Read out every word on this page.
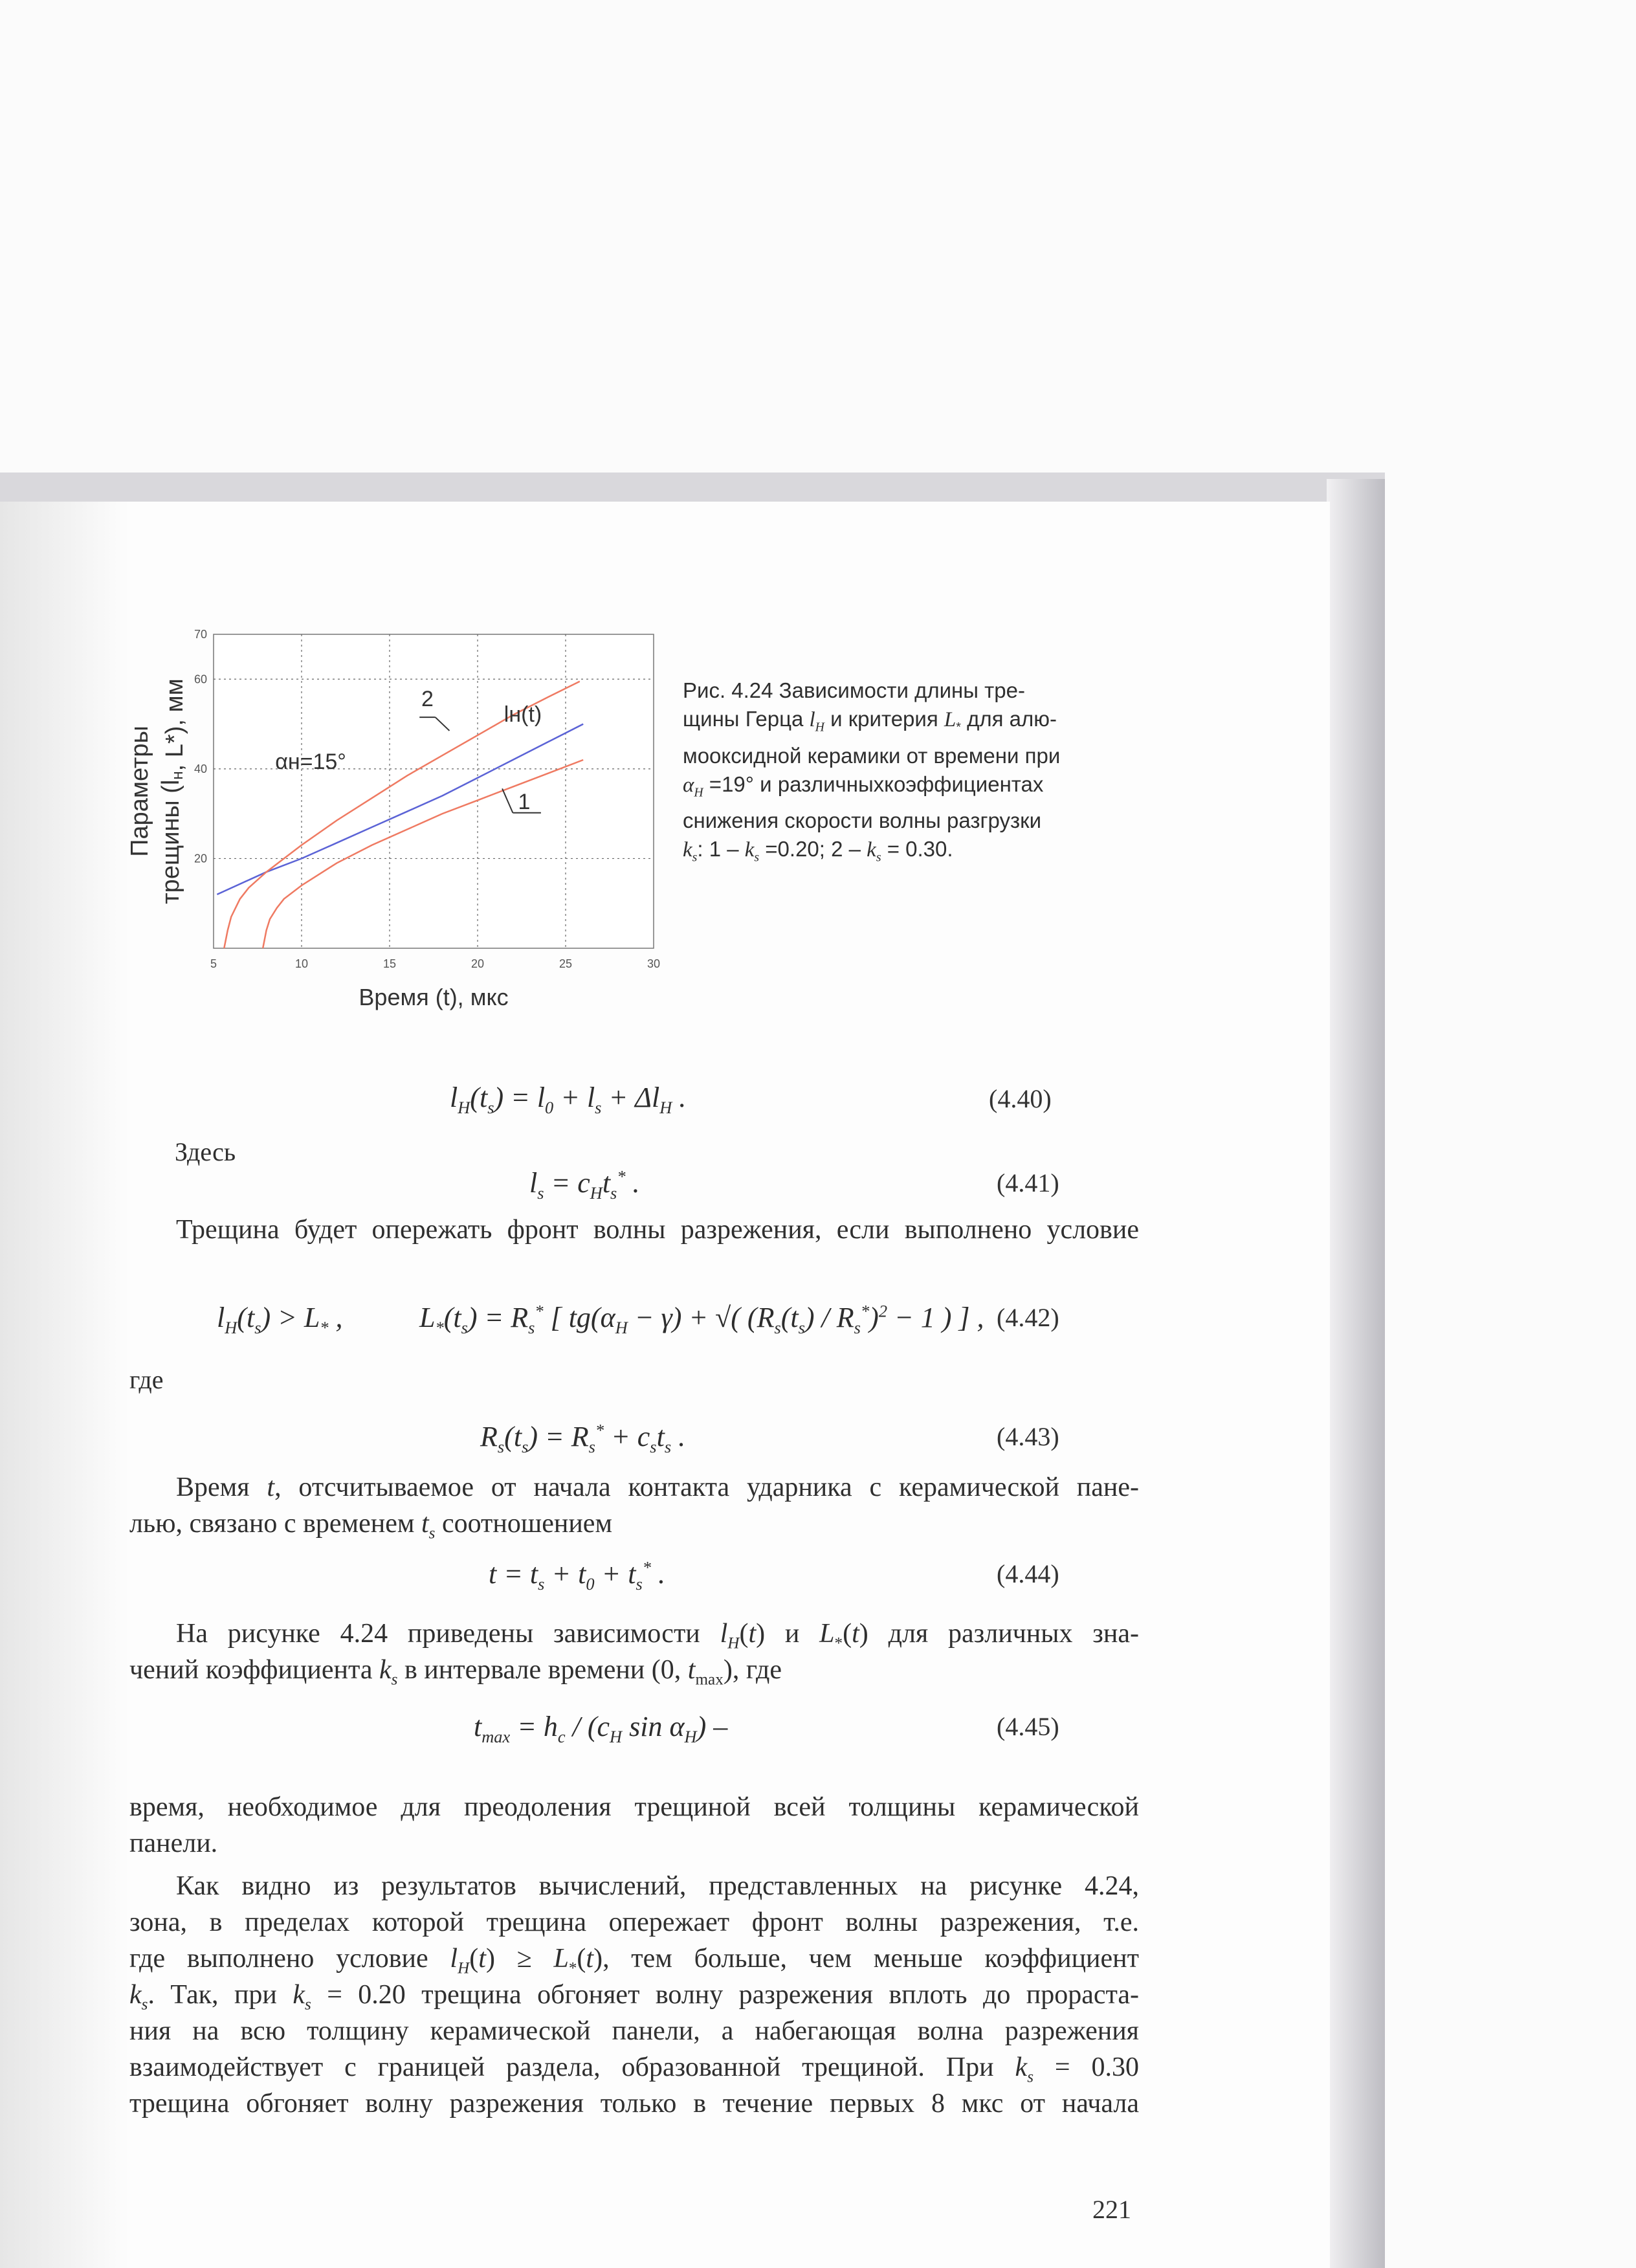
5	10	15	20	25	30
20
40
60
70
αн=15°
lн(t)
2
1
Время (t), мкс
Параметры трещины (lн, L*), мм	Рис. 4.24 Зависимости длины тре-
щины Герца $l_Н$ и критерия $L_*$ для алю-
мооксидной керамики от времени при
$\alpha_Н =19^\circ$ и различныхкоэффициентах
снижения скорости волны разгрузки
$k_s$: $1 - k_s =0.20$; $2 - k_s = 0.30$.
$l_H(t_s) = l_0 + l_s + \Delta l_H$ .	(4.40)
Здесь
$l_s = c_Ht_s^*$ .	(4.41)
Трещина будет опережать фронт волны разрежения, если выполнено условие
$l_H(t_s) > L_*$ ,	$L_*(t_s) = R_s^*$ [ $tg(\alpha_H - \gamma)$ + √( $(R_s(t_s) / R_s^*)^2 - 1$ ) ] , (4.42)
где
$R_s(t_s) = R_s^* + c_st_s$ .	(4.43)
Время t, отсчитываемое от начала контакта ударника с керамической пане-
лью, связано с временем $t_s$ соотношением
$t = t_s + t_0 + t_s^*$ .	(4.44)
На рисунке 4.24 приведены зависимости $l_H(t)$ и $L_*(t)$ для различных зна-
чений коэффициента $k_s$ в интервале времени (0, $t_{max}$), где
$t_{max} = h_c / (c_H$ $\sin \alpha_H$) –	(4.45)
время, необходимое для преодоления трещиной всей толщины керамической
панели.
Как видно из результатов вычислений, представленных на рисунке 4.24,
зона, в пределах которой трещина опережает фронт волны разрежения, т.е.
где выполнено условие $l_H(t) \ge L_*(t)$, тем больше, чем меньше коэффициент
$k_s$. Так, при $k_s = 0.20$ трещина обгоняет волну разрежения вплоть до прораста-
ния на всю толщину керамической панели, а набегающая волна разрежения
взаимодействует с границей раздела, образованной трещиной. При $k_s = 0.30$
трещина обгоняет волну разрежения только в течение первых 8 мкс от начала
221
